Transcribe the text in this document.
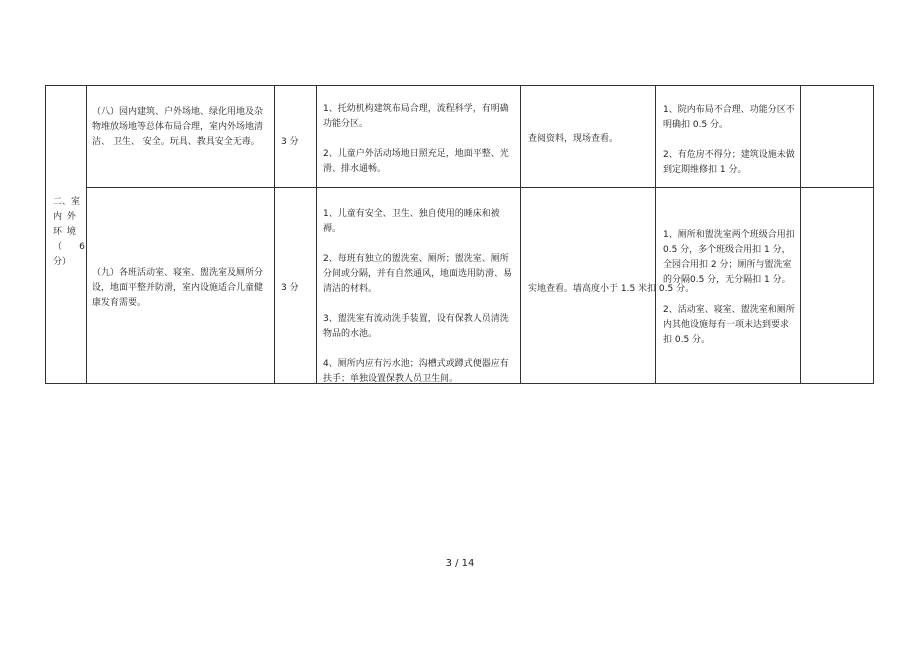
二、室
内 外
环 境
（      6
分）
（八）园内建筑、户外场地、绿化用地及杂物堆放场地等总体布局合理，室内外场地清洁、 卫生、 安全。玩具、教具安全无毒。	3 分

1、托幼机构建筑布局合理，流程科学，有明确功能分区。

2、儿童户外活动场地日照充足，地面平整、光滑、排水通畅。

查阅资料，现场查看。

1、院内布局不合理、功能分区不明确扣 0.5 分。

2、有危房不得分；建筑设施未做到定期维修扣 1 分。

（九）各班活动室、寝室、盥洗室及厕所分设，地面平整并防滑，室内设施适合儿童健康发育需要。
3 分

1、儿童有安全、卫生、独自使用的睡床和被褥。

2、每班有独立的盥洗室、厕所；盥洗室、厕所分间或分隔，并有自然通风，地面选用防滑、易清洁的材料。

3、盥洗室有流动洗手装置，设有保教人员清洗物品的水池。

4、厕所内应有污水池；沟槽式或蹲式便器应有扶手；单独设置保教人员卫生间。

实地查看。墙高度小于 1.5 米扣 0.5 分。

1、厕所和盥洗室两个班级合用扣 0.5 分，多个班级合用扣 1 分，全园合用扣 2 分；厕所与盥洗室的分隔0.5 分，无分隔扣 1 分。

2、活动室、寝室、盥洗室和厕所内其他设施每有一项未达到要求扣 0.5 分。

3 / 14
